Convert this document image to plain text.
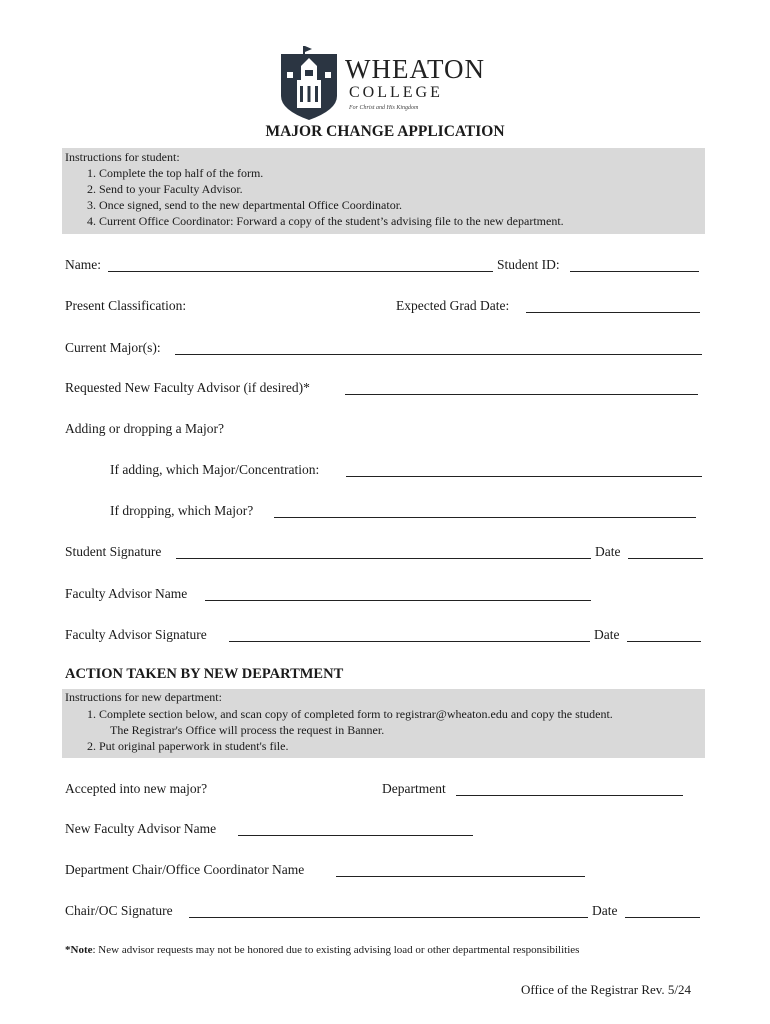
WHEATON
COLLEGE
For Christ and His Kingdom
MAJOR CHANGE APPLICATION
Instructions for student:
1. Complete the top half of the form.
2. Send to your Faculty Advisor.
3. Once signed, send to the new departmental Office Coordinator.
4. Current Office Coordinator: Forward a copy of the student’s advising file to the new department.
Name:	Student ID:
Present Classification:	Expected Grad Date:
Current Major(s):
Requested New Faculty Advisor (if desired)*
Adding or dropping a Major?
If adding, which Major/Concentration:
If dropping, which Major?
Student Signature	Date
Faculty Advisor Name
Faculty Advisor Signature	Date
ACTION TAKEN BY NEW DEPARTMENT
Instructions for new department:
1. Complete section below, and scan copy of completed form to registrar@wheaton.edu and copy the student.
The Registrar's Office will process the request in Banner.
2. Put original paperwork in student's file.
Accepted into new major?	Department
New Faculty Advisor Name
Department Chair/Office Coordinator Name
Chair/OC Signature	Date
*Note: New advisor requests may not be honored due to existing advising load or other departmental responsibilities
Office of the Registrar Rev. 5/24
